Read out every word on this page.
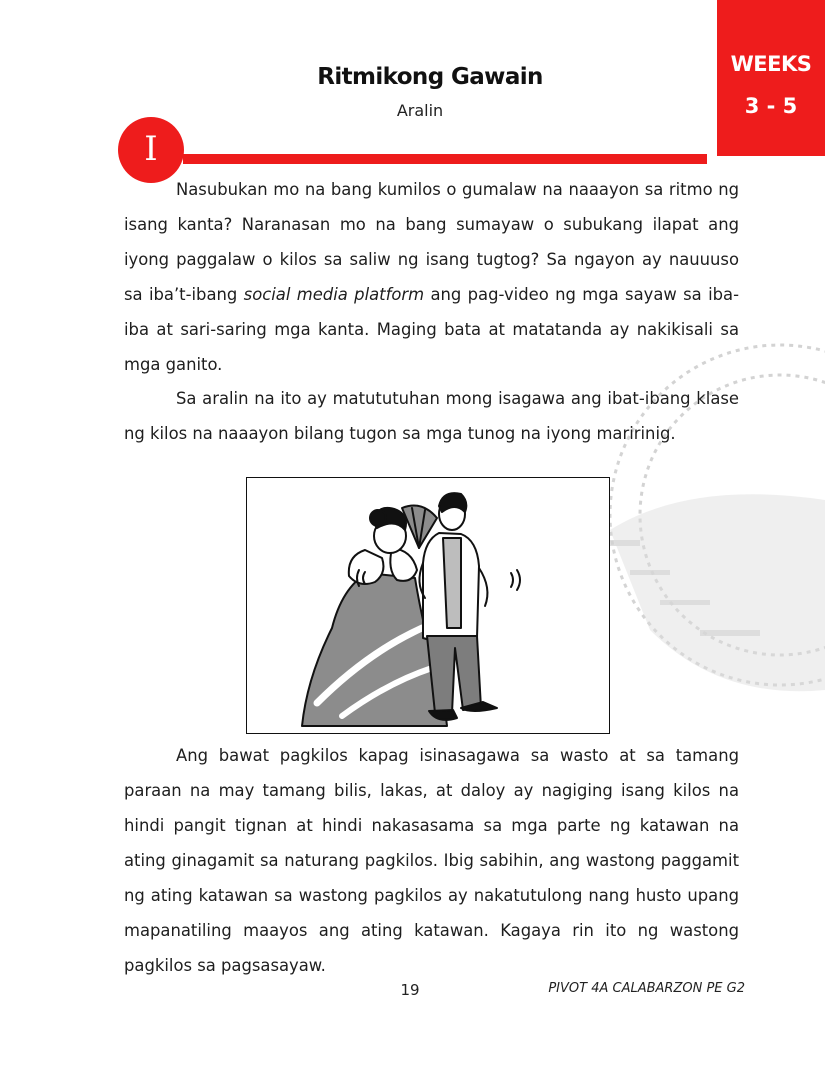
WEEKS
3 - 5
Ritmikong Gawain
Aralin
I

Nasubukan mo na bang kumilos o gumalaw na naaayon sa ritmo ng isang kanta? Naranasan mo na bang sumayaw o subukang ilapat ang iyong paggalaw o kilos sa saliw ng isang tugtog? Sa ngayon ay nauuuso sa iba’t-ibang social media platform ang pag-video ng mga sayaw sa iba-iba at sari-saring mga kanta. Maging bata at matatanda ay nakikisali sa mga ganito.

Sa aralin na ito ay matututuhan mong isagawa ang ibat-ibang klase ng kilos na naaayon bilang tugon sa mga tunog na iyong maririnig.

Ang bawat pagkilos kapag isinasagawa sa wasto at sa tamang paraan na may tamang bilis, lakas, at daloy ay nagiging isang kilos na hindi pangit tignan at hindi nakasasama sa mga parte ng katawan na ating ginagamit sa naturang pagkilos. Ibig sabihin, ang wastong paggamit ng ating katawan sa wastong pagkilos ay nakatutulong nang husto upang mapanatiling maayos ang ating katawan. Kagaya rin ito ng wastong pagkilos sa pagsasayaw.

19	PIVOT 4A CALABARZON PE G2
